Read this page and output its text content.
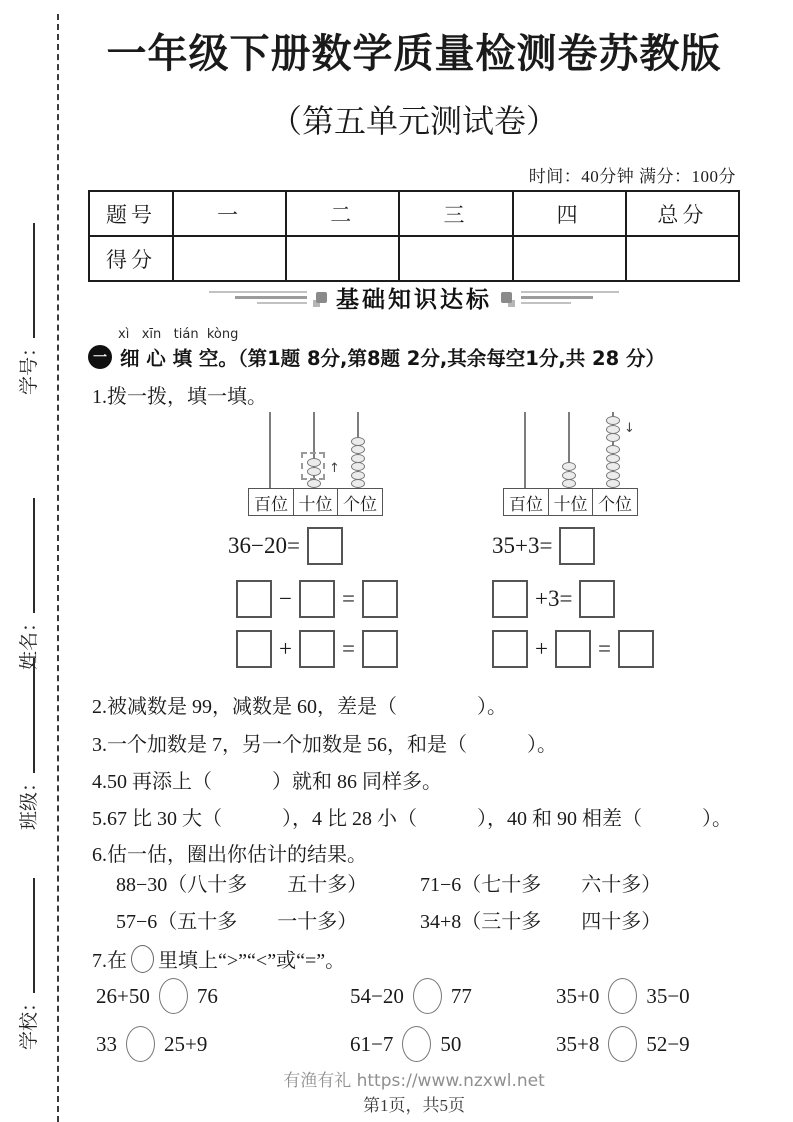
学号：
姓名：
班级：
学校：
一年级下册数学质量检测卷苏教版
（第五单元测试卷）
时间：40分钟 满分：100分
题号	一	二	三	四	总分
得分					
基础知识达标
xì   xīn   tián  kòng
一 细 心 填 空。（第1题 8分,第8题 2分,其余每空1分,共 28 分）
1.拨一拨，填一填。
↑
百位 十位 个位
↓
百位 十位 个位
36−20=
− =
+ =
35+3=
+3=
+ =
2.被减数是 99，减数是 60，差是（　　　　）。
3.一个加数是 7，另一个加数是 56，和是（　　　）。
4.50 再添上（　　　）就和 86 同样多。
5.67 比 30 大（　　　），4 比 28 小（　　　），40 和 90 相差（　　　）。
6.估一估，圈出你估计的结果。
88−30（八十多　　五十多）	71−6（七十多　　六十多）
57−6（五十多　　一十多）	34+8（三十多　　四十多）
7.在 里填上“>”“<”或“=”。
26+50 76	54−20 77	35+0 35−0
33 25+9	61−7 50	35+8 52−9
有渔有礼 https://www.nzxwl.net
第1页，共5页
